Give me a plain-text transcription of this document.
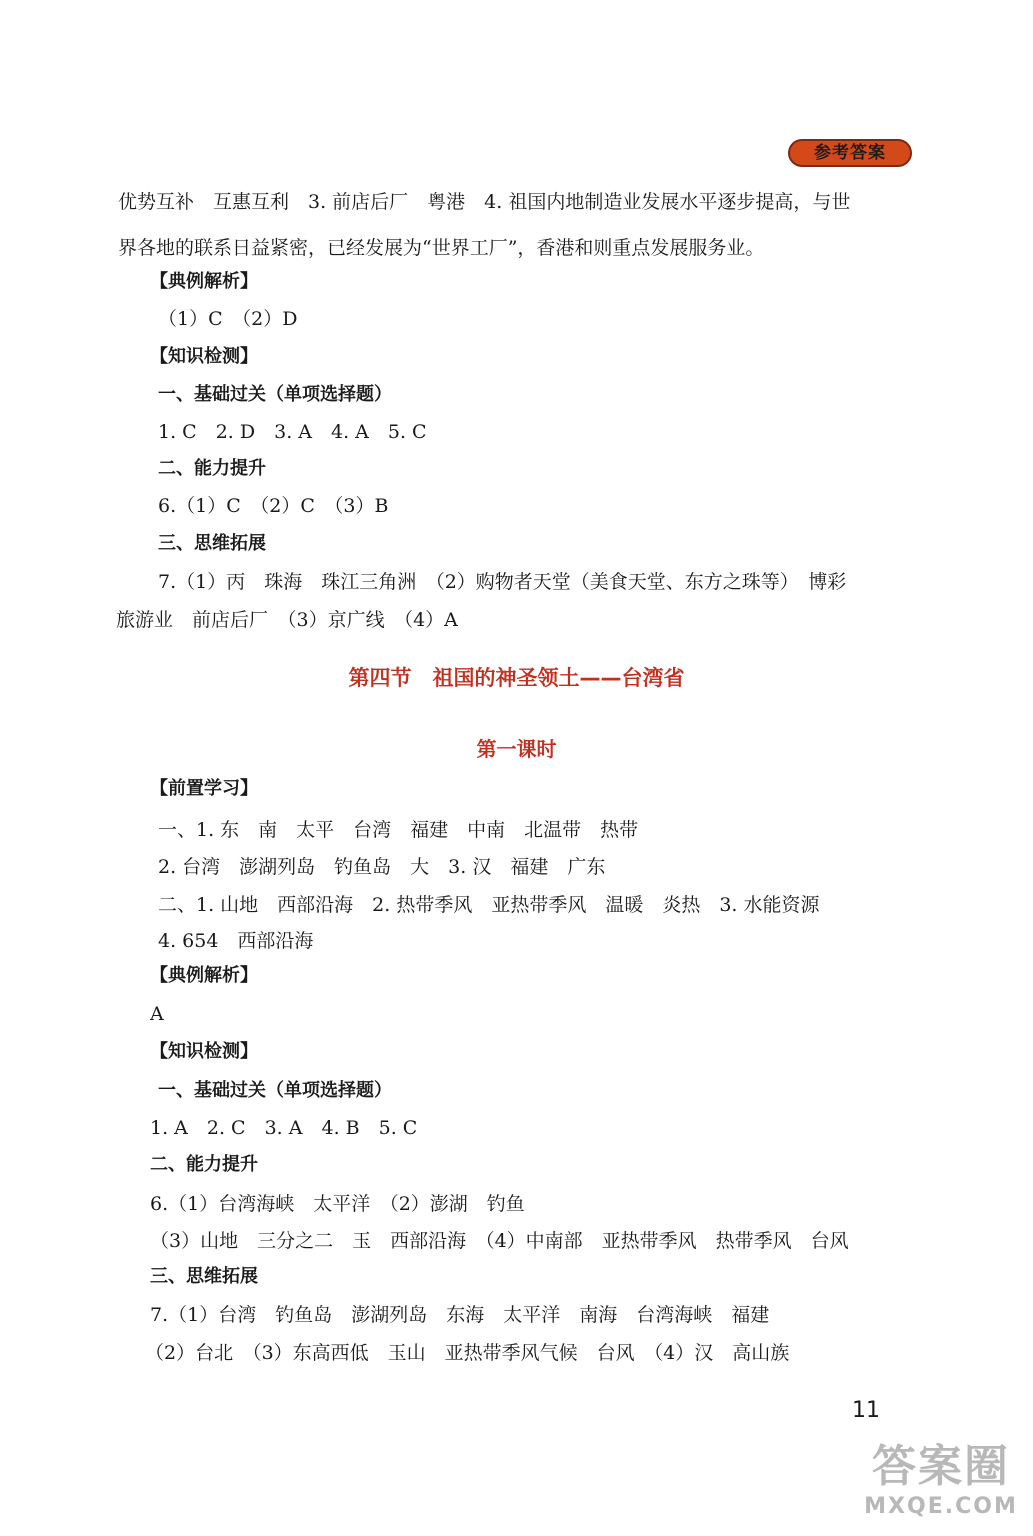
参考答案
优势互补　互惠互利　3. 前店后厂　粤港　4. 祖国内地制造业发展水平逐步提高，与世
界各地的联系日益紧密，已经发展为“世界工厂”，香港和则重点发展服务业。
【典例解析】
（1）C　（2）D
【知识检测】
一、基础过关（单项选择题）
1. C　2. D　3. A　4. A　5. C
二、能力提升
6.（1）C　（2）C　（3）B
三、思维拓展
7.（1）丙　珠海　珠江三角洲　（2）购物者天堂（美食天堂、东方之珠等）　博彩
旅游业　前店后厂　（3）京广线　（4）A
第四节　祖国的神圣领土——台湾省
第一课时
【前置学习】
一、1. 东　南　太平　台湾　福建　中南　北温带　热带
2. 台湾　澎湖列岛　钓鱼岛　大　3. 汉　福建　广东
二、1. 山地　西部沿海　2. 热带季风　亚热带季风　温暖　炎热　3. 水能资源
4. 654　西部沿海
【典例解析】
A
【知识检测】
一、基础过关（单项选择题）
1. A　2. C　3. A　4. B　5. C
二、能力提升
6.（1）台湾海峡　太平洋　（2）澎湖　钓鱼
（3）山地　三分之二　玉　西部沿海　（4）中南部　亚热带季风　热带季风　台风
三、思维拓展
7.（1）台湾　钓鱼岛　澎湖列岛　东海　太平洋　南海　台湾海峡　福建
（2）台北　（3）东高西低　玉山　亚热带季风气候　台风　（4）汉　高山族
11
答案圈
MXQE.COM
